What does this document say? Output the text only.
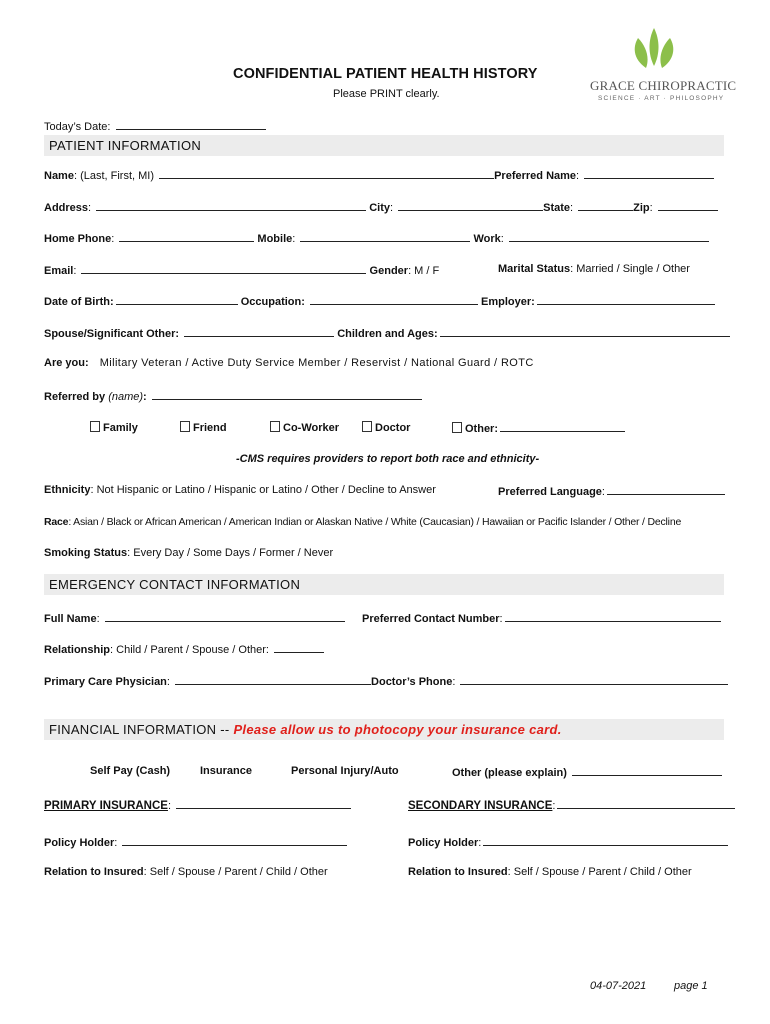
GRACE CHIROPRACTIC
SCIENCE · ART · PHILOSOPHY
CONFIDENTIAL PATIENT HEALTH HISTORY
Please PRINT clearly.
Today’s Date:
PATIENT INFORMATION
Name: (Last, First, MI)	Preferred Name:
Address:	City:	State:	Zip:
Home Phone:	Mobile:	Work:
Email:	Gender: M / F	Marital Status: Married / Single / Other
Date of Birth:	Occupation:	Employer:
Spouse/Significant Other:	Children and Ages:
Are you: Military Veteran / Active Duty Service Member / Reservist / National Guard / ROTC
Referred by (name):
Family	Friend	Co-Worker	Doctor	Other:
-CMS requires providers to report both race and ethnicity-
Ethnicity: Not Hispanic or Latino / Hispanic or Latino / Other / Decline to Answer	Preferred Language:
Race: Asian / Black or African American / American Indian or Alaskan Native / White (Caucasian) / Hawaiian or Pacific Islander / Other / Decline
Smoking Status: Every Day / Some Days / Former / Never
EMERGENCY CONTACT INFORMATION
Full Name:	Preferred Contact Number:
Relationship: Child / Parent / Spouse / Other:
Primary Care Physician:	Doctor’s Phone:
FINANCIAL INFORMATION -- Please allow us to photocopy your insurance card.
Self Pay (Cash)	Insurance	Personal Injury/Auto	Other (please explain)
PRIMARY INSURANCE:	SECONDARY INSURANCE:
Policy Holder:	Policy Holder:
Relation to Insured: Self / Spouse / Parent / Child / Other	Relation to Insured: Self / Spouse / Parent / Child / Other
04-07-2021	page 1
